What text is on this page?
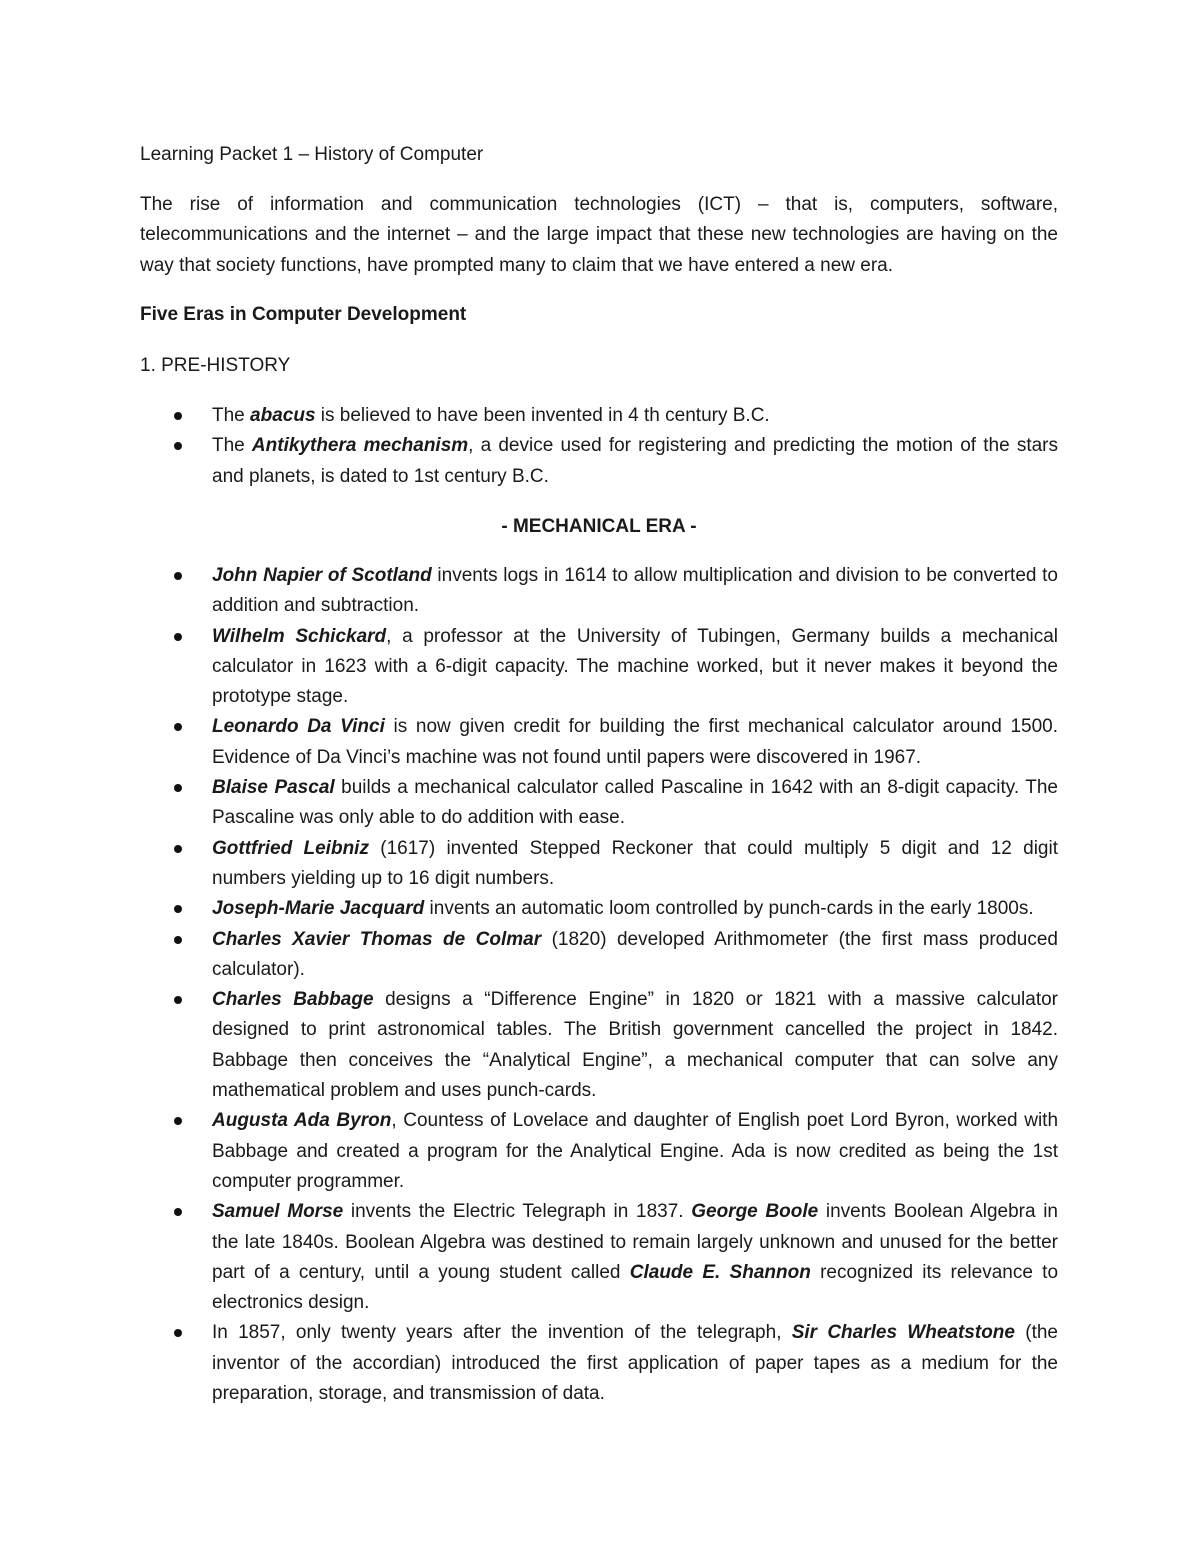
Learning Packet 1 – History of Computer

The rise of information and communication technologies (ICT) – that is, computers, software, telecommunications and the internet – and the large impact that these new technologies are having on the way that society functions, have prompted many to claim that we have entered a new era.

Five Eras in Computer Development
1. PRE-HISTORY
The abacus is believed to have been invented in 4 th century B.C.
The Antikythera mechanism, a device used for registering and predicting the motion of the stars and planets, is dated to 1st century B.C.
- MECHANICAL ERA -
John Napier of Scotland invents logs in 1614 to allow multiplication and division to be converted to addition and subtraction.
Wilhelm Schickard, a professor at the University of Tubingen, Germany builds a mechanical calculator in 1623 with a 6-digit capacity. The machine worked, but it never makes it beyond the prototype stage.
Leonardo Da Vinci is now given credit for building the first mechanical calculator around 1500. Evidence of Da Vinci’s machine was not found until papers were discovered in 1967.
Blaise Pascal builds a mechanical calculator called Pascaline in 1642 with an 8-digit capacity. The Pascaline was only able to do addition with ease.
Gottfried Leibniz (1617) invented Stepped Reckoner that could multiply 5 digit and 12 digit numbers yielding up to 16 digit numbers.
Joseph-Marie Jacquard invents an automatic loom controlled by punch-cards in the early 1800s.
Charles Xavier Thomas de Colmar (1820) developed Arithmometer (the first mass produced calculator).
Charles Babbage designs a “Difference Engine” in 1820 or 1821 with a massive calculator designed to print astronomical tables. The British government cancelled the project in 1842. Babbage then conceives the “Analytical Engine”, a mechanical computer that can solve any mathematical problem and uses punch-cards.
Augusta Ada Byron, Countess of Lovelace and daughter of English poet Lord Byron, worked with Babbage and created a program for the Analytical Engine. Ada is now credited as being the 1st computer programmer.
Samuel Morse invents the Electric Telegraph in 1837. George Boole invents Boolean Algebra in the late 1840s. Boolean Algebra was destined to remain largely unknown and unused for the better part of a century, until a young student called Claude E. Shannon recognized its relevance to electronics design.
In 1857, only twenty years after the invention of the telegraph, Sir Charles Wheatstone (the inventor of the accordian) introduced the first application of paper tapes as a medium for the preparation, storage, and transmission of data.
